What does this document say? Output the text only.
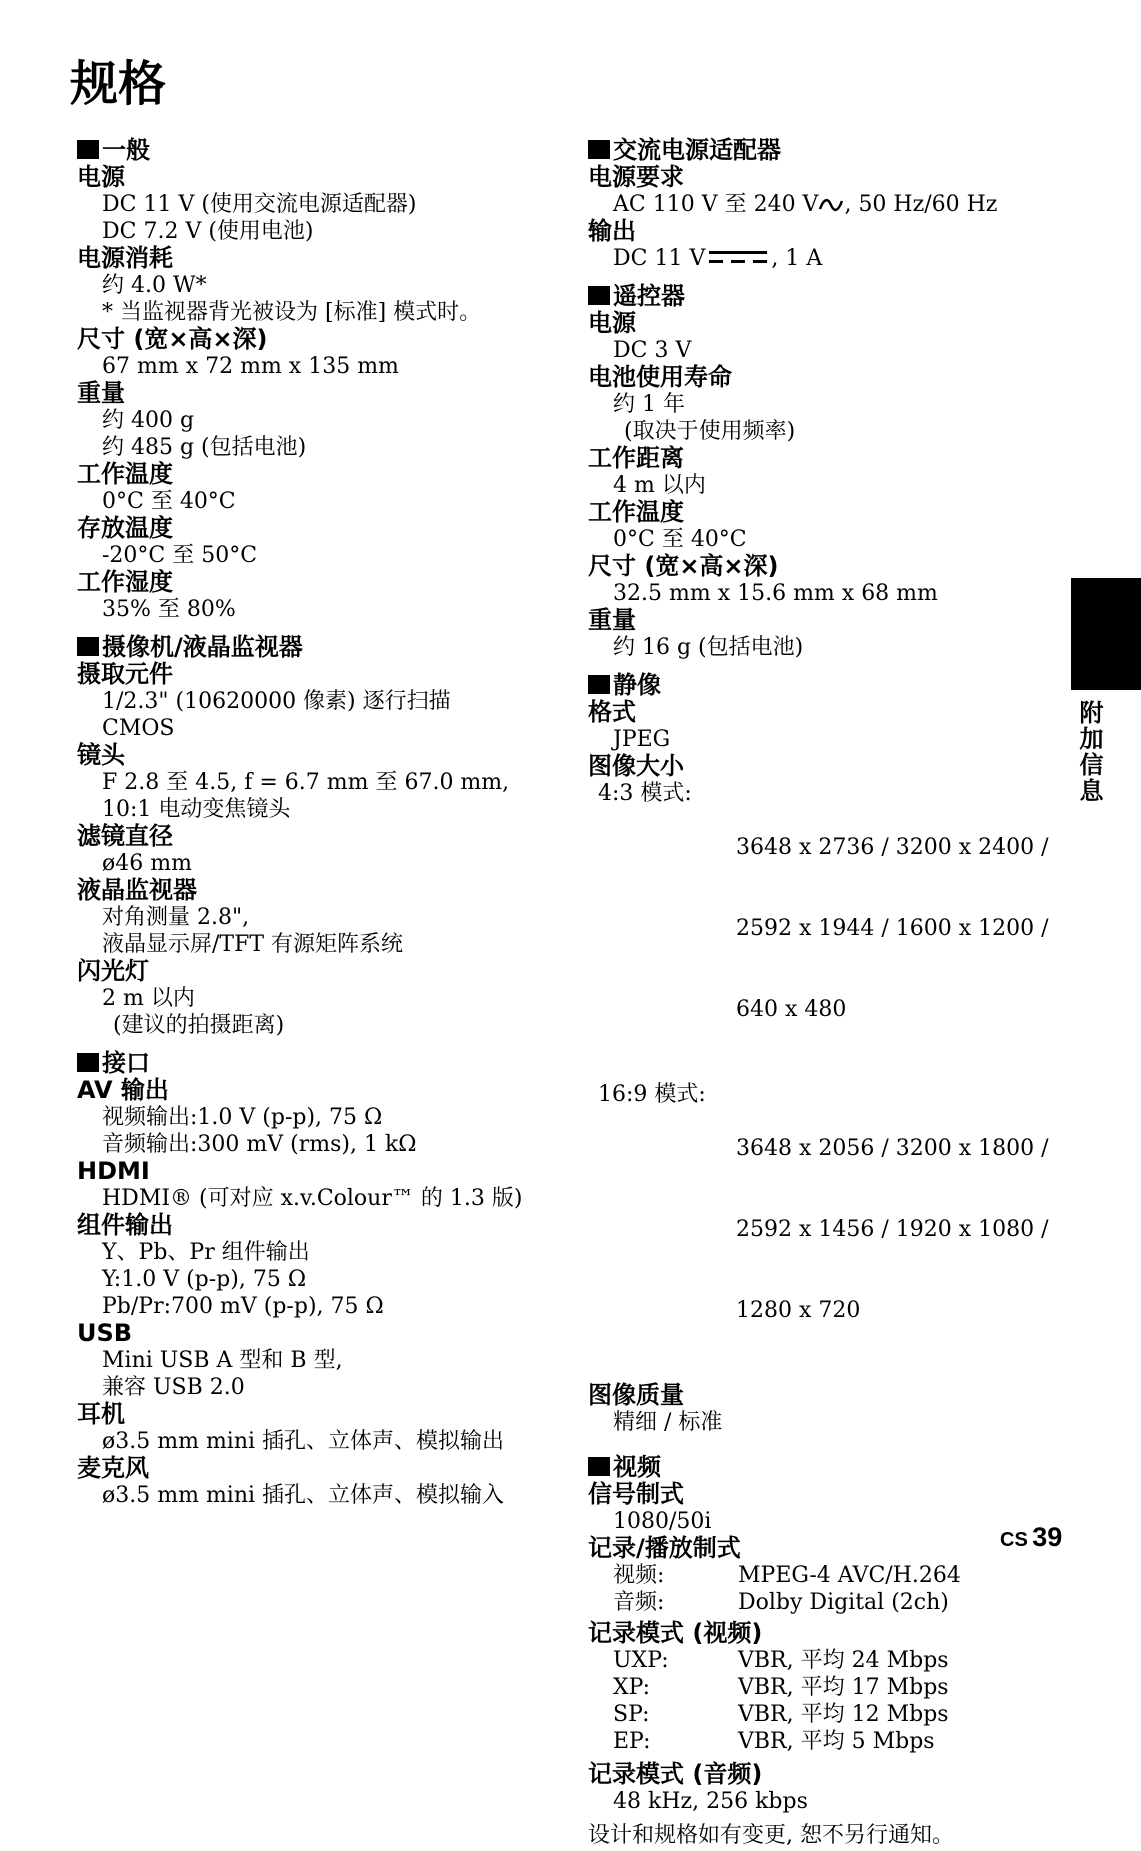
规格
一般
电源
DC 11 V (使用交流电源适配器)
DC 7.2 V (使用电池)
电源消耗
约 4.0 W*
* 当监视器背光被设为 [标准] 模式时。
尺寸 (宽×高×深)
67 mm x 72 mm x 135 mm
重量
约 400 g
约 485 g (包括电池)
工作温度
0°C 至 40°C
存放温度
-20°C 至 50°C
工作湿度
35% 至 80%
摄像机/液晶监视器
摄取元件
1/2.3" (10620000 像素) 逐行扫描
CMOS
镜头
F 2.8 至 4.5, f = 6.7 mm 至 67.0 mm,
10:1 电动变焦镜头
滤镜直径
ø46 mm
液晶监视器
对角测量 2.8",
液晶显示屏/TFT 有源矩阵系统
闪光灯
2 m 以内
(建议的拍摄距离)
接口
AV 输出
视频输出:1.0 V (p-p), 75 Ω
音频输出:300 mV (rms), 1 kΩ
HDMI
HDMI® (可对应 x.v.Colour™ 的 1.3 版)
组件输出
Y、Pb、Pr 组件输出
Y:1.0 V (p-p), 75 Ω
Pb/Pr:700 mV (p-p), 75 Ω
USB
Mini USB A 型和 B 型,
兼容 USB 2.0
耳机
ø3.5 mm mini 插孔、立体声、模拟输出
麦克风
ø3.5 mm mini 插孔、立体声、模拟输入
交流电源适配器
电源要求
AC 110 V 至 240 V , 50 Hz/60 Hz
输出
DC 11 V	, 1 A
遥控器
电源
DC 3 V
电池使用寿命
约 1 年
(取决于使用频率)
工作距离
4 m 以内
工作温度
0°C 至 40°C
尺寸 (宽×高×深)
32.5 mm x 15.6 mm x 68 mm
重量
约 16 g (包括电池)
静像
格式
JPEG
图像大小
4:3 模式:

3648 x 2736 / 3200 x 2400 /

2592 x 1944 / 1600 x 1200 /

640 x 480

16:9 模式:

3648 x 2056 / 3200 x 1800 /

2592 x 1456 / 1920 x 1080 /

1280 x 720

图像质量
精细 / 标准
视频
信号制式
1080/50i
记录/播放制式
视频:	MPEG-4 AVC/H.264
音频:	Dolby Digital (2ch)
记录模式 (视频)
UXP:	VBR, 平均 24 Mbps
XP:	VBR, 平均 17 Mbps
SP:	VBR, 平均 12 Mbps
EP:	VBR, 平均 5 Mbps
记录模式 (音频)
48 kHz, 256 kbps
设计和规格如有变更, 恕不另行通知。
附加信息
CS 39
